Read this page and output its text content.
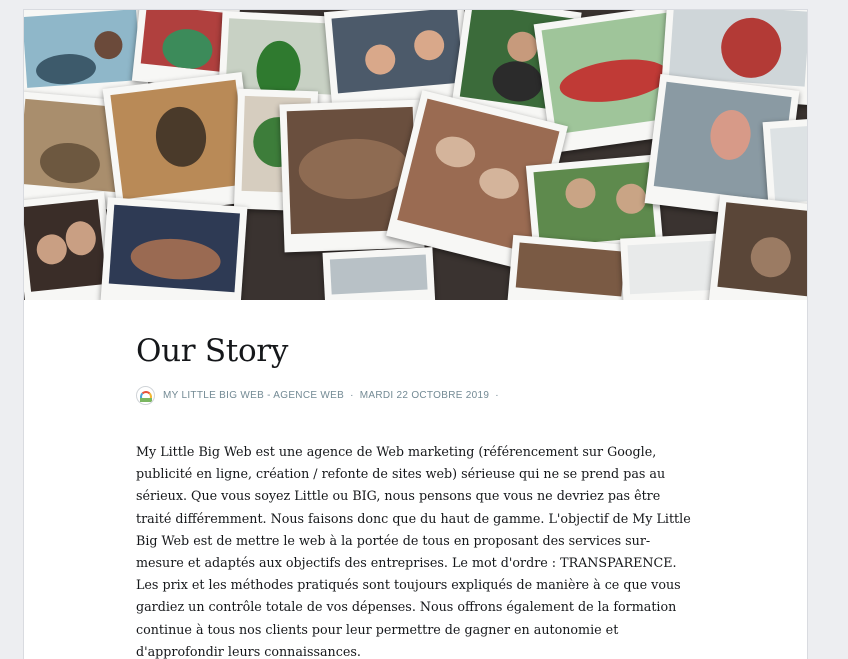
Our Story
MY LITTLE BIG WEB - AGENCE WEB · MARDI 22 OCTOBRE 2019 ·

My Little Big Web est une agence de Web marketing (référencement sur Google, publicité en ligne, création / refonte de sites web) sérieuse qui ne se prend pas au sérieux. Que vous soyez Little ou BIG, nous pensons que vous ne devriez pas être traité différemment. Nous faisons donc que du haut de gamme. L'objectif de My Little Big Web est de mettre le web à la portée de tous en proposant des services sur-mesure et adaptés aux objectifs des entreprises. Le mot d'ordre : TRANSPARENCE. Les prix et les méthodes pratiqués sont toujours expliqués de manière à ce que vous gardiez un contrôle totale de vos dépenses. Nous offrons également de la formation continue à tous nos clients pour leur permettre de gagner en autonomie et d'approfondir leurs connaissances.
